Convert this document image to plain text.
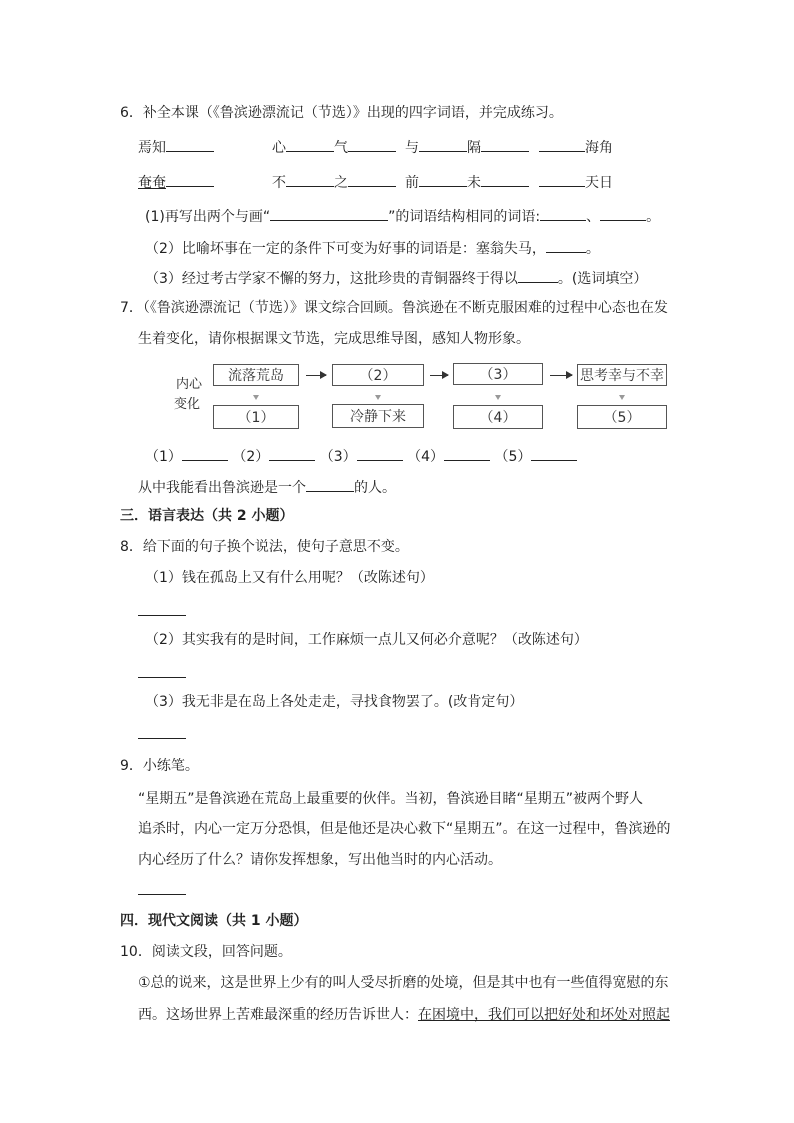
6．补全本课（《鲁滨逊漂流记（节选）》出现的四字词语，并完成练习。
焉知	心	气	与	隔	海角
奄奄	不	之	前	未	天日
(1)再写出两个与画“	”的词语结构相同的词语:	、	。
（2）比喻坏事在一定的条件下可变为好事的词语是：塞翁失马，	。
（3）经过考古学家不懈的努力，这批珍贵的青铜器终于得以	。(选词填空）
7．（《鲁滨逊漂流记（节选）》课文综合回顾。鲁滨逊在不断克服困难的过程中心态也在发
生着变化，请你根据课文节选，完成思维导图，感知人物形象。
内心
变化
流落荒岛	（2）	（3）	思考幸与不幸
（1）	冷静下来	（4）	（5）
（1）	（2）	（3）	（4）	（5）
从中我能看出鲁滨逊是一个	的人。
三．语言表达（共 2 小题）
8．给下面的句子换个说法，使句子意思不变。
（1）钱在孤岛上又有什么用呢？（改陈述句）
（2）其实我有的是时间，工作麻烦一点儿又何必介意呢？（改陈述句）
（3）我无非是在岛上各处走走，寻找食物罢了。(改肯定句）
9．小练笔。
“星期五”是鲁滨逊在荒岛上最重要的伙伴。当初，鲁滨逊目睹“星期五”被两个野人
追杀时，内心一定万分恐惧，但是他还是决心救下“星期五”。在这一过程中，鲁滨逊的
内心经历了什么？请你发挥想象，写出他当时的内心活动。
四．现代文阅读（共 1 小题）
10．阅读文段，回答问题。
①总的说来，这是世界上少有的叫人受尽折磨的处境，但是其中也有一些值得宽慰的东
西。这场世界上苦难最深重的经历告诉世人：在困境中，我们可以把好处和坏处对照起
